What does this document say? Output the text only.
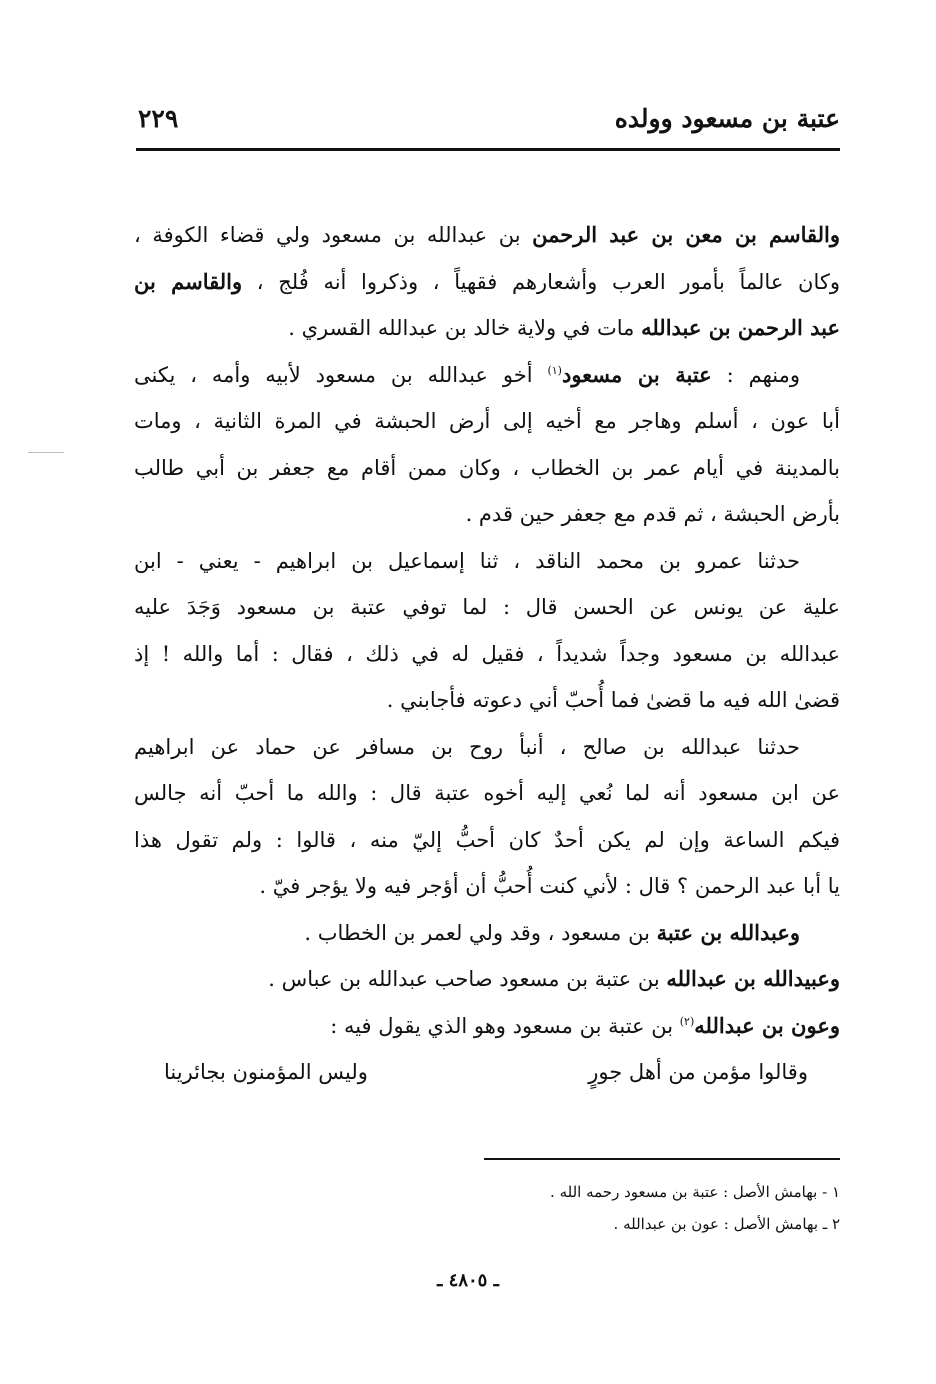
عتبة بن مسعود وولده
٢٢٩
والقاسم بن معن بن عبد الرحمن بن عبدالله بن مسعود ولي قضاء الكوفة ،
وكان عالماً بأمور العرب وأشعارهم فقهياً ، وذكروا أنه فُلج ، والقاسم بن
عبد الرحمن بن عبدالله مات في ولاية خالد بن عبدالله القسري .
ومنهم : عتبة بن مسعود$^{(١)}$ أخو عبدالله بن مسعود لأبيه وأمه ، يكنى
أبا عون ، أسلم وهاجر مع أخيه إلى أرض الحبشة في المرة الثانية ، ومات
بالمدينة في أيام عمر بن الخطاب ، وكان ممن أقام مع جعفر بن أبي طالب
بأرض الحبشة ، ثم قدم مع جعفر حين قدم .
حدثنا عمرو بن محمد الناقد ، ثنا إسماعيل بن ابراهيم - يعني - ابن
علية عن يونس عن الحسن قال : لما توفي عتبة بن مسعود وَجَدَ عليه
عبدالله بن مسعود وجداً شديداً ، فقيل له في ذلك ، فقال : أما والله ! إذ
قضىٰ الله فيه ما قضىٰ فما أُحبّ أني دعوته فأجابني .
حدثنا عبدالله بن صالح ، أنبأ روح بن مسافر عن حماد عن ابراهيم
عن ابن مسعود أنه لما نُعي إليه أخوه عتبة قال : والله ما أحبّ أنه جالس
فيكم الساعة وإن لم يكن أحدٌ كان أحبُّ إليّ منه ، قالوا : ولم تقول هذا
يا أبا عبد الرحمن ؟ قال : لأني كنت أُحبُّ أن أؤجر فيه ولا يؤجر فيّ .
وعبدالله بن عتبة بن مسعود ، وقد ولي لعمر بن الخطاب .
وعبيدالله بن عبدالله بن عتبة بن مسعود صاحب عبدالله بن عباس .
وعون بن عبدالله$^{(٢)}$ بن عتبة بن مسعود وهو الذي يقول فيه :
وقالوا مؤمن من أهل جورٍ
وليس المؤمنون بجائرينا
١ - بهامش الأصل : عتبة بن مسعود رحمه الله .
٢ ـ بهامش الأصل : عون بن عبدالله .
ـ ٤٨٠٥ ـ
